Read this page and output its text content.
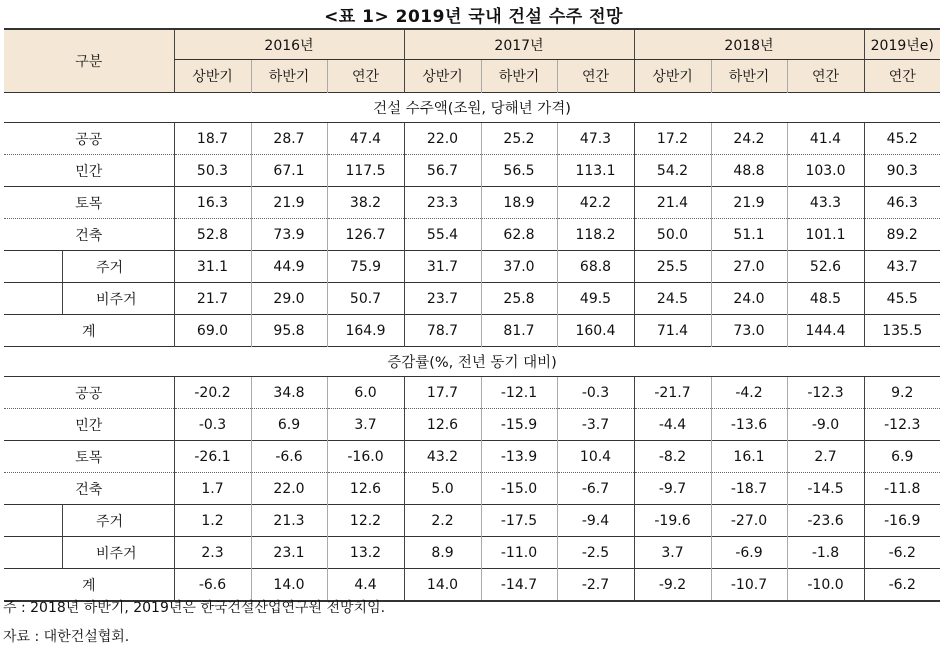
<표 1> 2019년 국내 건설 수주 전망
구분	2016년			2017년			2018년			2019년e)
	상반기	하반기	연간	상반기	하반기	연간	상반기	하반기	연간	연간
건설 수주액(조원, 당해년 가격)										
공공	18.7	28.7	47.4	22.0	25.2	47.3	17.2	24.2	41.4	45.2
민간	50.3	67.1	117.5	56.7	56.5	113.1	54.2	48.8	103.0	90.3
토목	16.3	21.9	38.2	23.3	18.9	42.2	21.4	21.9	43.3	46.3
건축	52.8	73.9	126.7	55.4	62.8	118.2	50.0	51.1	101.1	89.2
주거	31.1	44.9	75.9	31.7	37.0	68.8	25.5	27.0	52.6	43.7
비주거	21.7	29.0	50.7	23.7	25.8	49.5	24.5	24.0	48.5	45.5
계	69.0	95.8	164.9	78.7	81.7	160.4	71.4	73.0	144.4	135.5
증감률(%, 전년 동기 대비)										
공공	-20.2	34.8	6.0	17.7	-12.1	-0.3	-21.7	-4.2	-12.3	9.2
민간	-0.3	6.9	3.7	12.6	-15.9	-3.7	-4.4	-13.6	-9.0	-12.3
토목	-26.1	-6.6	-16.0	43.2	-13.9	10.4	-8.2	16.1	2.7	6.9
건축	1.7	22.0	12.6	5.0	-15.0	-6.7	-9.7	-18.7	-14.5	-11.8
주거	1.2	21.3	12.2	2.2	-17.5	-9.4	-19.6	-27.0	-23.6	-16.9
비주거	2.3	23.1	13.2	8.9	-11.0	-2.5	3.7	-6.9	-1.8	-6.2
계	-6.6	14.0	4.4	14.0	-14.7	-2.7	-9.2	-10.7	-10.0	-6.2
주 : 2018년 하반기, 2019년은 한국건설산업연구원 전망치임.
자료 : 대한건설협회.
